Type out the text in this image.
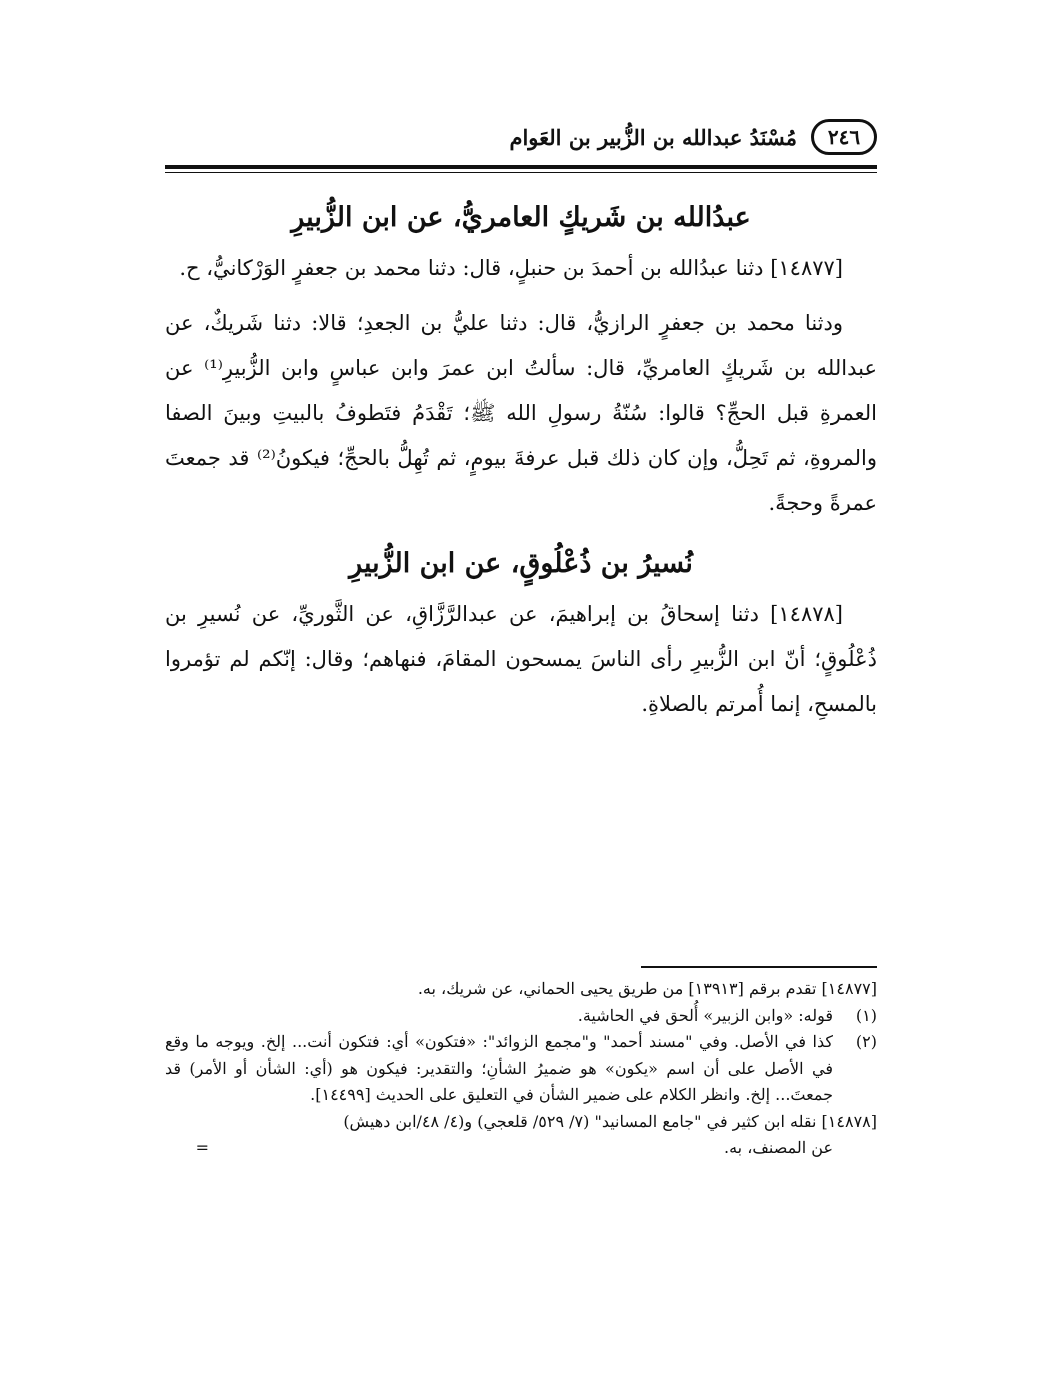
٢٤٦
مُسْنَدُ عبدالله بن الزُّبير بن العَوام
عبدُالله بن شَريكٍ العامريُّ، عن ابن الزُّبيرِ

[١٤٨٧٧] دثنا عبدُالله بن أحمدَ بن حنبلٍ، قال: دثنا محمد بن جعفرٍ الوَرْكانيُّ، ح.

ودثنا محمد بن جعفرٍ الرازيُّ، قال: دثنا عليُّ بن الجعدِ؛ قالا: دثنا شَريكٌ، عن عبدالله بن شَريكٍ العامريِّ، قال: سألتُ ابن عمرَ وابن عباسٍ وابن الزُّبيرِ⁽¹⁾ عن العمرةِ قبل الحجِّ؟ قالوا: سُنّةُ رسولِ الله ﷺ؛ تَقْدَمُ فتَطوفُ بالبيتِ وبينَ الصفا والمروةِ، ثم تَحِلُّ، وإن كان ذلك قبل عرفةَ بيومٍ، ثم تُهِلُّ بالحجِّ؛ فيكونُ⁽²⁾ قد جمعتَ عمرةً وحجةً.

نُسيرُ بن ذُعْلُوقٍ، عن ابن الزُّبيرِ

[١٤٨٧٨] دثنا إسحاقُ بن إبراهيمَ، عن عبدالرَّزَّاقِ، عن الثَّوريِّ، عن نُسيرِ بن ذُعْلُوقٍ؛ أنّ ابن الزُّبيرِ رأى الناسَ يمسحون المقامَ، فنهاهم؛ وقال: إنّكم لم تؤمروا بالمسحِ، إنما أُمرتم بالصلاةِ.

[١٤٨٧٧] تقدم برقم [١٣٩١٣] من طريق يحيى الحماني، عن شريك، به.

(١)قوله: «وابن الزبير» أُلحق في الحاشية.

(٢)كذا في الأصل. وفي "مسند أحمد" و"مجمع الزوائد": «فتكون» أي: فتكون أنت... إلخ. ويوجه ما وقع في الأصل على أن اسم «يكون» هو ضميرُ الشأنِ؛ والتقدير: فيكون هو (أي: الشأن أو الأمر) قد جمعتَ... إلخ. وانظر الكلام على ضمير الشأن في التعليق على الحديث [١٤٤٩٩].

[١٤٨٧٨] نقله ابن كثير في "جامع المسانيد" (٧/ ٥٢٩/ قلعجي) و(٤/ ٤٨/ابن دهيش)

عن المصنف، به.
=
